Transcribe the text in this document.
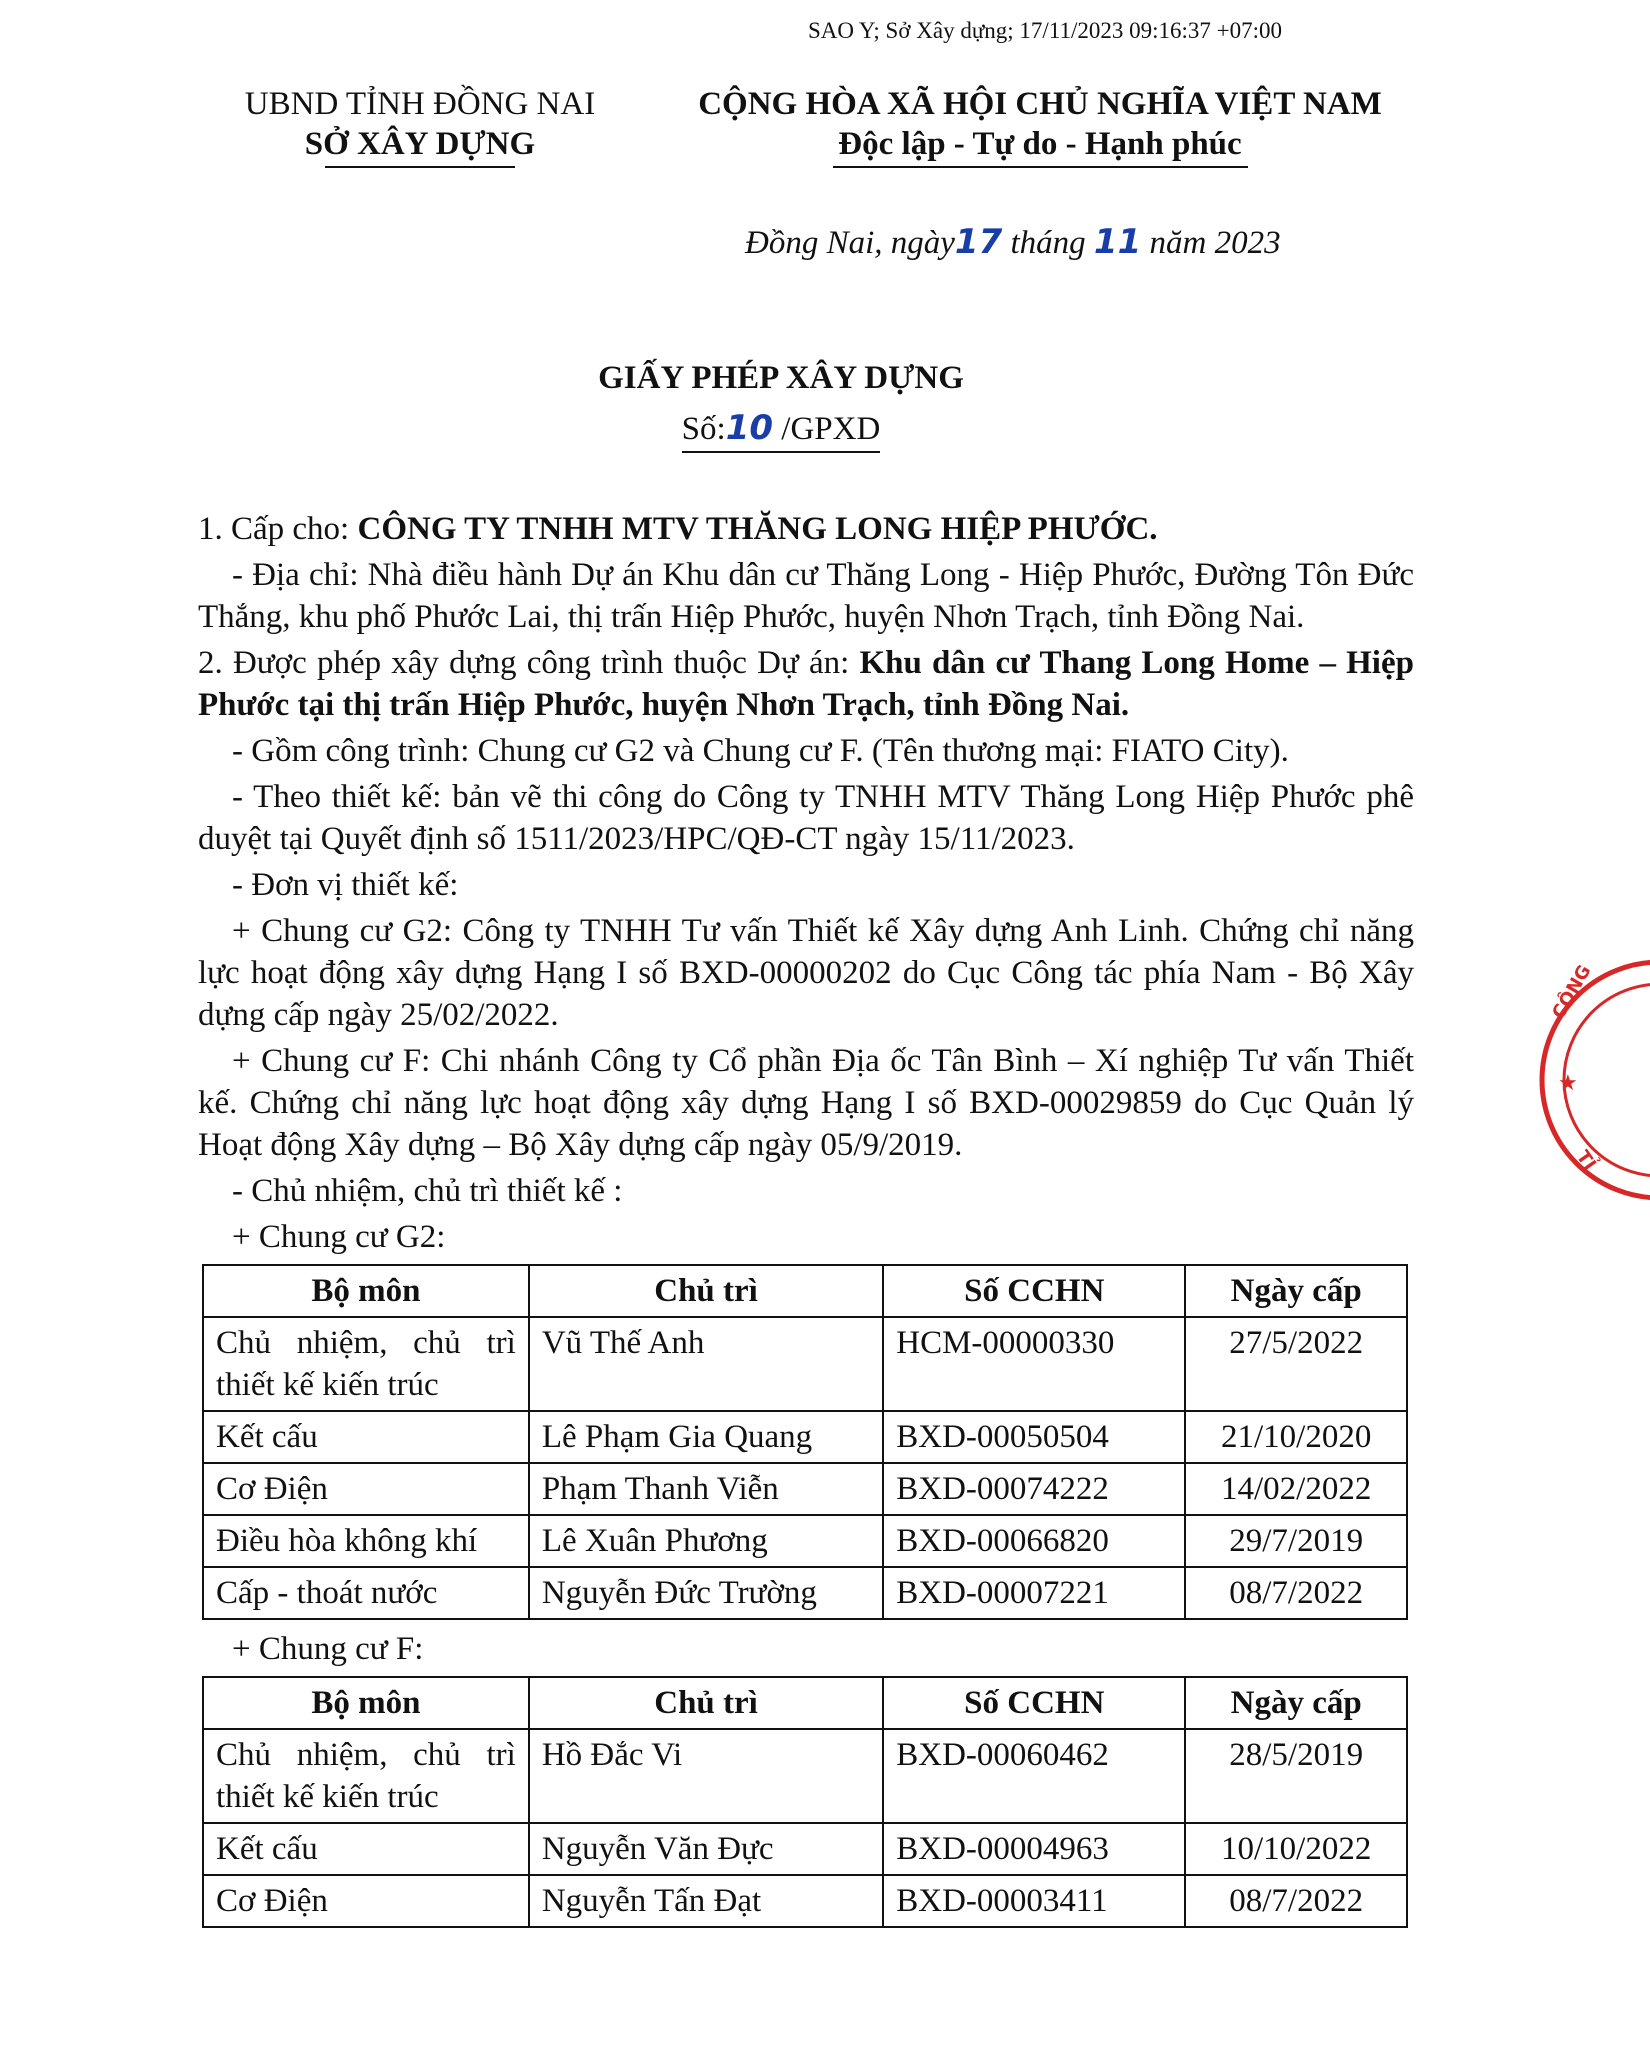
SAO Y; Sở Xây dựng; 17/11/2023 09:16:37 +07:00
UBND TỈNH ĐỒNG NAI
SỞ XÂY DỰNG
CỘNG HÒA XÃ HỘI CHỦ NGHĨA VIỆT NAM
Độc lập - Tự do - Hạnh phúc
Đồng Nai, ngày17 tháng 11 năm 2023
GIẤY PHÉP XÂY DỰNG
Số:10 /GPXD

1. Cấp cho: CÔNG TY TNHH MTV THĂNG LONG HIỆP PHƯỚC.

- Địa chỉ: Nhà điều hành Dự án Khu dân cư Thăng Long - Hiệp Phước, Đường Tôn Đức Thắng, khu phố Phước Lai, thị trấn Hiệp Phước, huyện Nhơn Trạch, tỉnh Đồng Nai.

2. Được phép xây dựng công trình thuộc Dự án: Khu dân cư Thang Long Home – Hiệp Phước tại thị trấn Hiệp Phước, huyện Nhơn Trạch, tỉnh Đồng Nai.

- Gồm công trình: Chung cư G2 và Chung cư F. (Tên thương mại: FIATO City).

- Theo thiết kế: bản vẽ thi công do Công ty TNHH MTV Thăng Long Hiệp Phước phê duyệt tại Quyết định số 1511/2023/HPC/QĐ-CT ngày 15/11/2023.

- Đơn vị thiết kế:

+ Chung cư G2: Công ty TNHH Tư vấn Thiết kế Xây dựng Anh Linh. Chứng chỉ năng lực hoạt động xây dựng Hạng I số BXD-00000202 do Cục Công tác phía Nam - Bộ Xây dựng cấp ngày 25/02/2022.

+ Chung cư F: Chi nhánh Công ty Cổ phần Địa ốc Tân Bình – Xí nghiệp Tư vấn Thiết kế. Chứng chỉ năng lực hoạt động xây dựng Hạng I số BXD-00029859 do Cục Quản lý Hoạt động Xây dựng – Bộ Xây dựng cấp ngày 05/9/2019.

- Chủ nhiệm, chủ trì thiết kế :

+ Chung cư G2:

Bộ môn	Chủ trì	Số CCHN	Ngày cấp
Chủ nhiệm, chủ trì thiết kế kiến trúc	Vũ Thế Anh	HCM-00000330	27/5/2022
Kết cấu	Lê Phạm Gia Quang	BXD-00050504	21/10/2020
Cơ Điện	Phạm Thanh Viễn	BXD-00074222	14/02/2022
Điều hòa không khí	Lê Xuân Phương	BXD-00066820	29/7/2019
Cấp - thoát nước	Nguyễn Đức Trường	BXD-00007221	08/7/2022

+ Chung cư F:

Bộ môn	Chủ trì	Số CCHN	Ngày cấp
Chủ nhiệm, chủ trì thiết kế kiến trúc	Hồ Đắc Vi	BXD-00060462	28/5/2019
Kết cấu	Nguyễn Văn Đực	BXD-00004963	10/10/2022
Cơ Điện	Nguyễn Tấn Đạt	BXD-00003411	08/7/2022
CÔNG
★
TỈ
